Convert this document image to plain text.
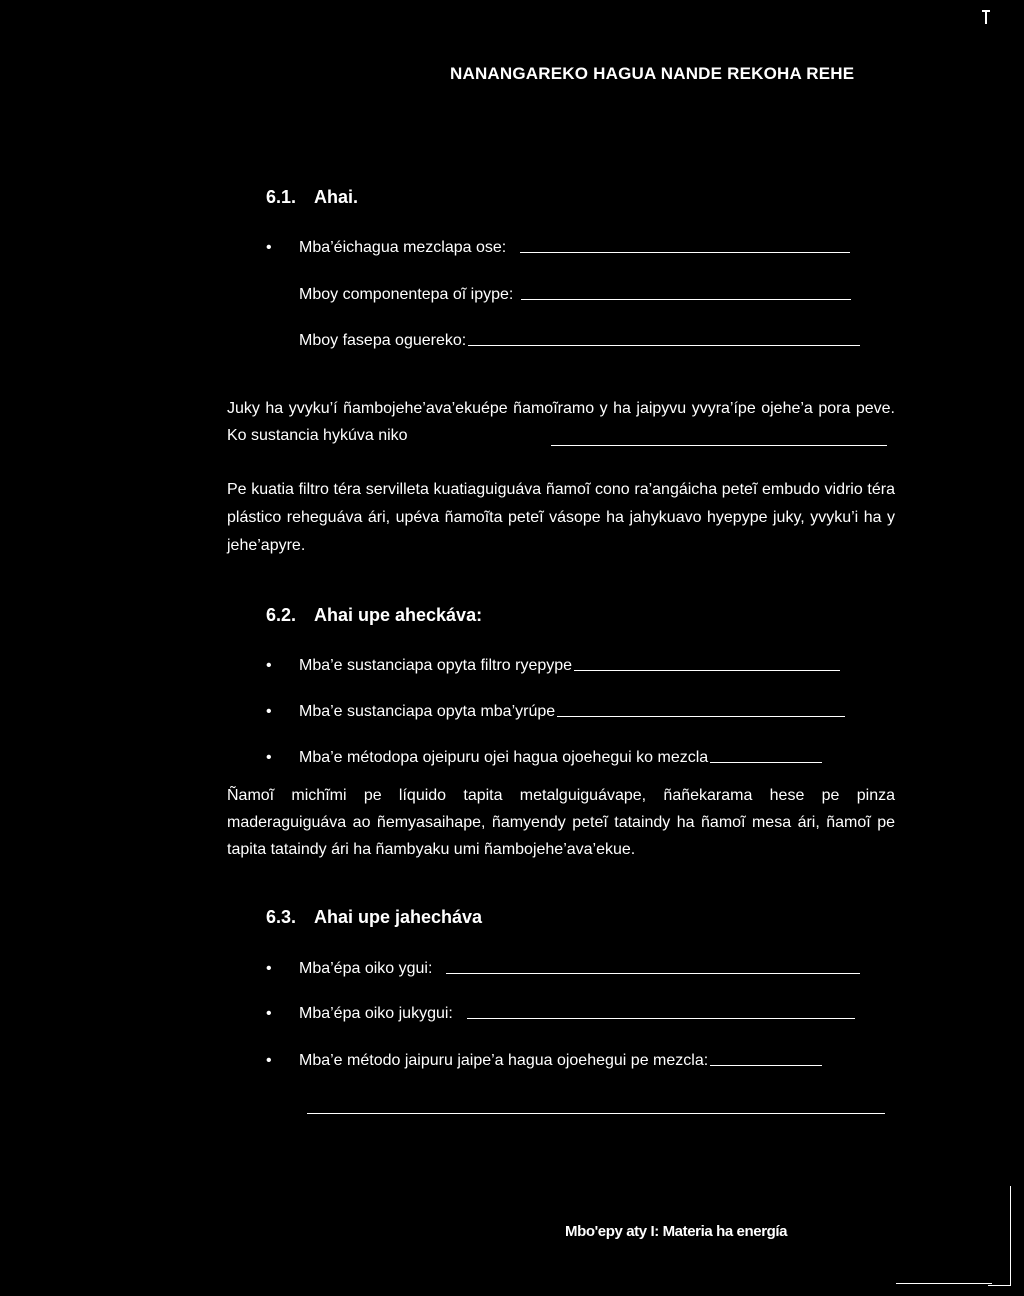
NANANGAREKO HAGUA NANDE REKOHA REHE
6.1. Ahai.
• Mba’éichagua mezclapa ose:
Mboy componentepa oĩ ipype:
Mboy fasepa oguereko:
Juky ha yvyku’í ñambojehe’ava’ekuépe ñamoĩramo y ha jaipyvu yvyra’ípe ojehe’a pora peve. Ko sustancia hykúva niko
Pe kuatia filtro téra servilleta kuatiaguiguáva ñamoĩ cono ra’angáicha peteĩ embudo vidrio téra plástico reheguáva ári, upéva ñamoĩta peteĩ vásope ha jahykuavo hyepype juky, yvyku’i ha y jehe’apyre.
6.2. Ahai upe aheckáva:
• Mba’e sustanciapa opyta filtro ryepype
• Mba’e sustanciapa opyta mba’yrúpe
• Mba’e métodopa ojeipuru ojei hagua ojoehegui ko mezcla
Ñamoĩ michĩmi pe líquido tapita metalguiguávape, ñañekarama hese pe pinza maderaguiguáva ao ñemyasaihape, ñamyendy peteĩ tataindy ha ñamoĩ mesa ári, ñamoĩ pe tapita tataindy ári ha ñambyaku umi ñambojehe’ava’ekue.
6.3. Ahai upe jahecháva
• Mba’épa oiko ygui:
• Mba’épa oiko jukygui:
• Mba’e método jaipuru jaipe’a hagua ojoehegui pe mezcla:
Mbo'epy aty I: Materia ha energía
